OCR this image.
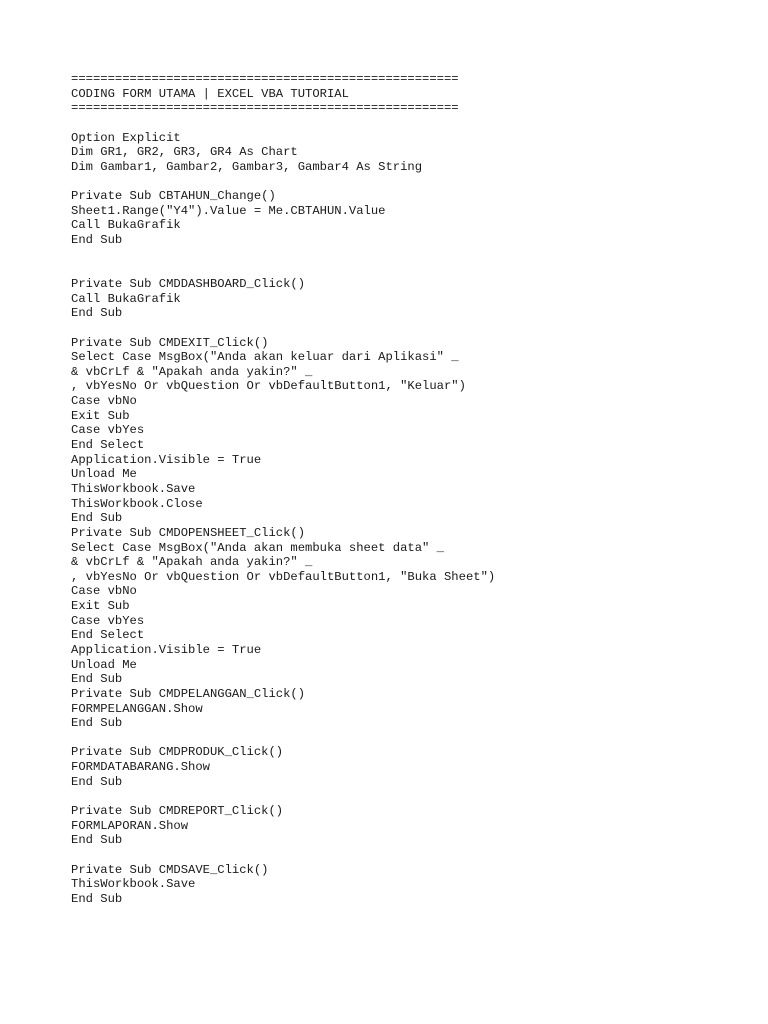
=====================================================
CODING FORM UTAMA | EXCEL VBA TUTORIAL
=====================================================
Option Explicit
Dim GR1, GR2, GR3, GR4 As Chart
Dim Gambar1, Gambar2, Gambar3, Gambar4 As String
Private Sub CBTAHUN_Change()
Sheet1.Range("Y4").Value = Me.CBTAHUN.Value
Call BukaGrafik
End Sub
Private Sub CMDDASHBOARD_Click()
Call BukaGrafik
End Sub
Private Sub CMDEXIT_Click()
Select Case MsgBox("Anda akan keluar dari Aplikasi" _
& vbCrLf & "Apakah anda yakin?" _
, vbYesNo Or vbQuestion Or vbDefaultButton1, "Keluar")
Case vbNo
Exit Sub
Case vbYes
End Select
Application.Visible = True
Unload Me
ThisWorkbook.Save
ThisWorkbook.Close
End Sub
Private Sub CMDOPENSHEET_Click()
Select Case MsgBox("Anda akan membuka sheet data" _
& vbCrLf & "Apakah anda yakin?" _
, vbYesNo Or vbQuestion Or vbDefaultButton1, "Buka Sheet")
Case vbNo
Exit Sub
Case vbYes
End Select
Application.Visible = True
Unload Me
End Sub
Private Sub CMDPELANGGAN_Click()
FORMPELANGGAN.Show
End Sub
Private Sub CMDPRODUK_Click()
FORMDATABARANG.Show
End Sub
Private Sub CMDREPORT_Click()
FORMLAPORAN.Show
End Sub
Private Sub CMDSAVE_Click()
ThisWorkbook.Save
End Sub
